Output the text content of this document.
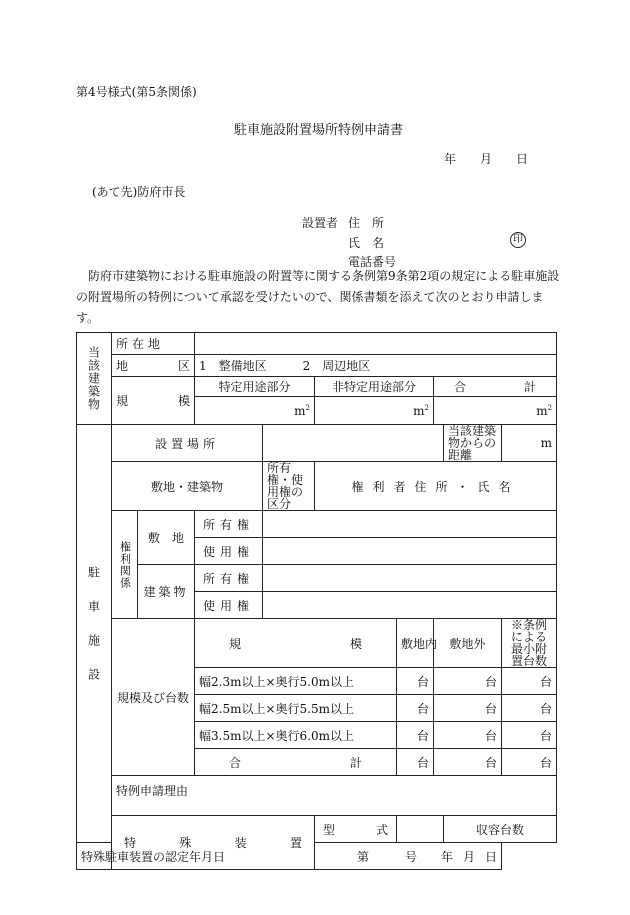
第4号様式(第5条関係)
駐車施設附置場所特例申請書
年 月 日
(あて先)防府市長
設置者 住　所
氏　名	印
電話番号
防府市建築物における駐車施設の附置等に関する条例第9条第2項の規定による駐車施設の附置場所の特例について承認を受けたいので、関係書類を添えて次のとおり申請します。
当該建築物	所 在 地									

	地 区		1　整備地区　　　2　周辺地区							

	規 模		特定用途部分		非特定用途部分		合 計			

			$m^2$		$m^2$		$m^2$

駐車施設	設置場所							当該建築物からの距離	m	
	敷地・建築物			所有権・使用権の区分	権利者住所・氏名					

	権利関係	敷 地	所有権							
			使用権							
		建築物	所有権							
			使用権							
	規模及び台数		規 模			敷地内	敷地外		※条例による最小附置台数	
			幅2.3m以上×奥行5.0m以上			台	台		台	
			幅2.5m以上×奥行5.5m以上			台	台		台	
			幅3.5m以上×奥行6.0m以上			台	台		台	

			合 計			台	台		台	
	特例申請理由									

	特 殊 装 置				型 式			収容台数	
特殊駐車装置の認定年月日					第 号 年 月 日					
